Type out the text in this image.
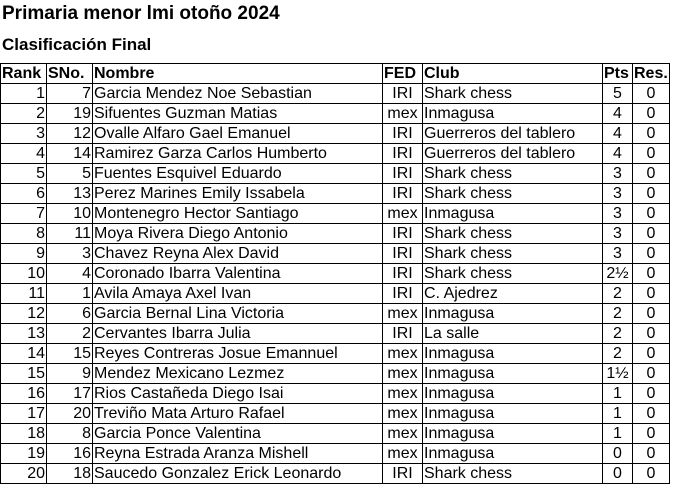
Primaria menor lmi otoño 2024
Clasificación Final
Rank	SNo.	Nombre	FED	Club	Pts	Res.
1	7	Garcia Mendez Noe Sebastian	IRI	Shark chess	5	0
2	19	Sifuentes Guzman Matias	mex	Inmagusa	4	0
3	12	Ovalle Alfaro Gael Emanuel	IRI	Guerreros del tablero	4	0
4	14	Ramirez Garza Carlos Humberto	IRI	Guerreros del tablero	4	0
5	5	Fuentes Esquivel Eduardo	IRI	Shark chess	3	0
6	13	Perez Marines Emily Issabela	IRI	Shark chess	3	0
7	10	Montenegro Hector Santiago	mex	Inmagusa	3	0
8	11	Moya Rivera Diego Antonio	IRI	Shark chess	3	0
9	3	Chavez Reyna Alex David	IRI	Shark chess	3	0
10	4	Coronado Ibarra Valentina	IRI	Shark chess	2½	0
11	1	Avila Amaya Axel Ivan	IRI	C. Ajedrez	2	0
12	6	Garcia Bernal Lina Victoria	mex	Inmagusa	2	0
13	2	Cervantes Ibarra Julia	IRI	La salle	2	0
14	15	Reyes Contreras Josue Emannuel	mex	Inmagusa	2	0
15	9	Mendez Mexicano Lezmez	mex	Inmagusa	1½	0
16	17	Rios Castañeda Diego Isai	mex	Inmagusa	1	0
17	20	Treviño Mata Arturo Rafael	mex	Inmagusa	1	0
18	8	Garcia Ponce Valentina	mex	Inmagusa	1	0
19	16	Reyna Estrada Aranza Mishell	mex	Inmagusa	0	0
20	18	Saucedo Gonzalez Erick Leonardo	IRI	Shark chess	0	0
